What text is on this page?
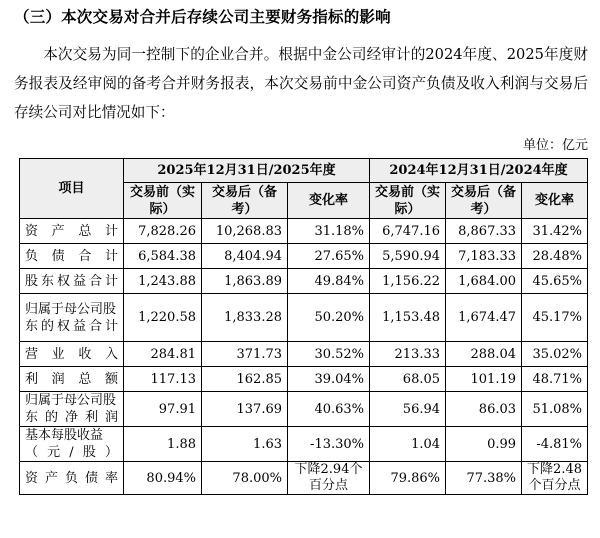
（三）本次交易对合并后存续公司主要财务指标的影响

本次交易为同一控制下的企业合并。根据中金公司经审计的2024年度、2025年度财务报表及经审阅的备考合并财务报表，本次交易前中金公司资产负债及收入利润与交易后存续公司对比情况如下：

单位：亿元
项目	2025年12月31日/2025年度			2024年12月31日/2024年度		
	交易前（实际）	交易后（备考）	变化率	交易前（实际）	交易后（备考）	变化率
资产总计	7,828.26	10,268.83	31.18%	6,747.16	8,867.33	31.42%
负债合计	6,584.38	8,404.94	27.65%	5,590.94	7,183.33	28.48%
股东权益合计	1,243.88	1,863.89	49.84%	1,156.22	1,684.00	45.65%
归属于母公司股东的权益合计	1,220.58	1,833.28	50.20%	1,153.48	1,674.47	45.17%
营业收入	284.81	371.73	30.52%	213.33	288.04	35.02%
利润总额	117.13	162.85	39.04%	68.05	101.19	48.71%
归属于母公司股东的净利润	97.91	137.69	40.63%	56.94	86.03	51.08%
基本每股收益（元/股）	1.88	1.63	-13.30%	1.04	0.99	-4.81%
资产负债率	80.94%	78.00%	下降2.94个百分点	79.86%	77.38%	下降2.48个百分点
